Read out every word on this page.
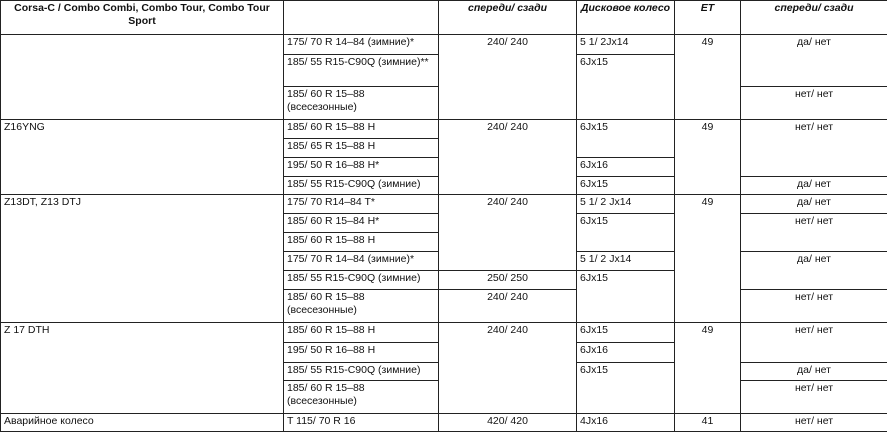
Corsa-C / Combo Combi, Combo Tour, Combo Tour Sport		спереди/ сзади	Дисковое колесо	ET	спереди/ сзади
	175/ 70 R 14–84 (зимние)*	240/ 240	5 1/ 2Jx14	49	да/ нет
	185/ 55 R15-C90Q (зимние)**		6Jx15		
	185/ 60 R 15–88 (всесезонные)				нет/ нет
Z16YNG	185/ 60 R 15–88 H	240/ 240	6Jx15	49	нет/ нет
	185/ 65 R 15–88 H				
	195/ 50 R 16–88 H*		6Jx16		
	185/ 55 R15-C90Q (зимние)		6Jx15		да/ нет
Z13DT, Z13 DTJ	175/ 70 R14–84 T*	240/ 240	5 1/ 2 Jx14	49	да/ нет
	185/ 60 R 15–84 H*		6Jx15		нет/ нет
	185/ 60 R 15–88 H				
	175/ 70 R 14–84 (зимние)*		5 1/ 2 Jx14		да/ нет
	185/ 55 R15-C90Q (зимние)	250/ 250	6Jx15		
	185/ 60 R 15–88 (всесезонные)	240/ 240			нет/ нет
Z 17 DTH	185/ 60 R 15–88 H	240/ 240	6Jx15	49	нет/ нет
	195/ 50 R 16–88 H		6Jx16		
	185/ 55 R15-C90Q (зимние)		6Jx15		да/ нет
	185/ 60 R 15–88 (всесезонные)				нет/ нет
Аварийное колесо	T 115/ 70 R 16	420/ 420	4Jx16	41	нет/ нет
